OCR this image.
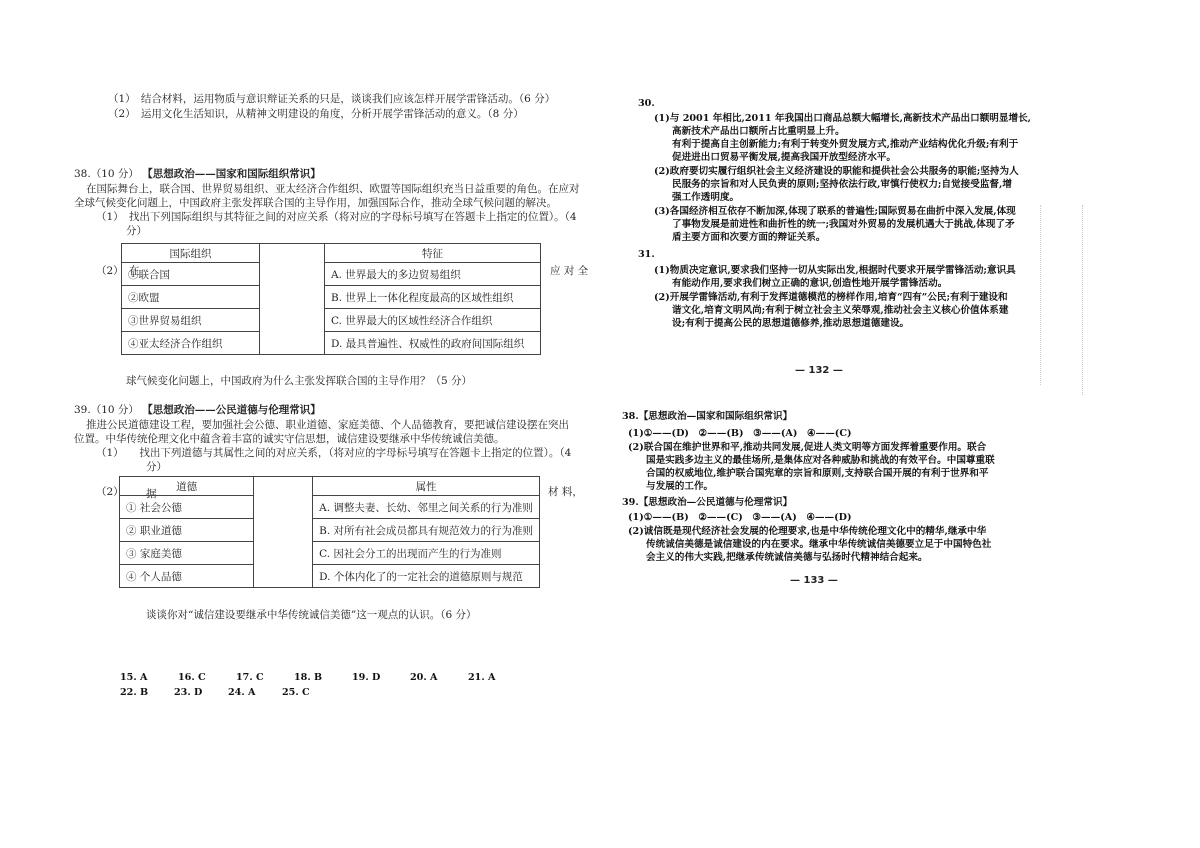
（1）　结合材料，运用物质与意识辩证关系的只是，谈谈我们应该怎样开展学雷锋活动。（6 分）
（2）　运用文化生活知识，从精神文明建设的角度，分析开展学雷锋活动的意义。（8 分）
38.（10 分） 【思想政治——国家和国际组织常识】
在国际舞台上，联合国、世界贸易组织、亚太经济合作组织、欧盟等国际组织充当日益重要的角色。在应对
全球气候变化问题上，中国政府主张发挥联合国的主导作用，加强国际合作，推动全球气候问题的解决。
（1）　找出下列国际组织与其特征之间的对应关系（将对应的字母标号填写在答题卡上指定的位置）。（4
分）
（2）　在	应 对 全
国际组织		特征
①联合国		A. 世界最大的多边贸易组织
②欧盟		B. 世界上一体化程度最高的区域性组织
③世界贸易组织		C. 世界最大的区域性经济合作组织
④亚太经济合作组织		D. 最具普遍性、权威性的政府间国际组织
球气候变化问题上，中国政府为什么主张发挥联合国的主导作用？（5 分）
39.（10 分） 【思想政治——公民道德与伦理常识】
推进公民道德建设工程，要加强社会公德、职业道德、家庭美德、个人品德教育，要把诚信建设摆在突出
位置。中华传统伦理文化中蕴含着丰富的诚实守信思想，诚信建设要继承中华传统诚信美德。
（1）　　找出下列道德与其属性之间的对应关系，（将对应的字母标号填写在答题卡上指定的位置）。（4
分）
（2） 据	材 料，
道德		属性
① 社会公德		A. 调整夫妻、长幼、邻里之间关系的行为准则
② 职业道德		B. 对所有社会成员都具有规范效力的行为准则
③ 家庭美德		C. 因社会分工的出现而产生的行为准则
④ 个人品德		D. 个体内化了的一定社会的道德原则与规范
谈谈你对“诚信建设要继承中华传统诚信美德”这一观点的认识。（6 分）
15. A	16. C	17. C	18. B	19. D	20. A	21. A
22. B	23. D	24. A	25. C
30.
(1)与 2001 年相比,2011 年我国出口商品总额大幅增长,高新技术产品出口额明显增长,
高新技术产品出口额所占比重明显上升。
有利于提高自主创新能力;有利于转变外贸发展方式,推动产业结构优化升级;有利于
促进进出口贸易平衡发展,提高我国开放型经济水平。
(2)政府要切实履行组织社会主义经济建设的职能和提供社会公共服务的职能;坚持为人
民服务的宗旨和对人民负责的原则;坚持依法行政,审慎行使权力;自觉接受监督,增
强工作透明度。
(3)各国经济相互依存不断加深,体现了联系的普遍性;国际贸易在曲折中深入发展,体现
了事物发展是前进性和曲折性的统一;我国对外贸易的发展机遇大于挑战,体现了矛
盾主要方面和次要方面的辩证关系。
31.
(1)物质决定意识,要求我们坚持一切从实际出发,根据时代要求开展学雷锋活动;意识具
有能动作用,要求我们树立正确的意识,创造性地开展学雷锋活动。
(2)开展学雷锋活动,有利于发挥道德模范的榜样作用,培育“四有”公民;有利于建设和
谐文化,培育文明风尚;有利于树立社会主义荣辱观,推动社会主义核心价值体系建
设;有利于提高公民的思想道德修养,推动思想道德建设。
— 132 —
38.【思想政治—国家和国际组织常识】
(1)①——(D)　②——(B)　③——(A)　④——(C)
(2)联合国在维护世界和平,推动共同发展,促进人类文明等方面发挥着重要作用。联合
国是实践多边主义的最佳场所,是集体应对各种威胁和挑战的有效平台。中国尊重联
合国的权威地位,维护联合国宪章的宗旨和原则,支持联合国开展的有利于世界和平
与发展的工作。
39.【思想政治—公民道德与伦理常识】
(1)①——(B)　②——(C)　③——(A)　④——(D)
(2)诚信既是现代经济社会发展的伦理要求,也是中华传统伦理文化中的精华,继承中华
传统诚信美德是诚信建设的内在要求。继承中华传统诚信美德要立足于中国特色社
会主义的伟大实践,把继承传统诚信美德与弘扬时代精神结合起来。
— 133 —
